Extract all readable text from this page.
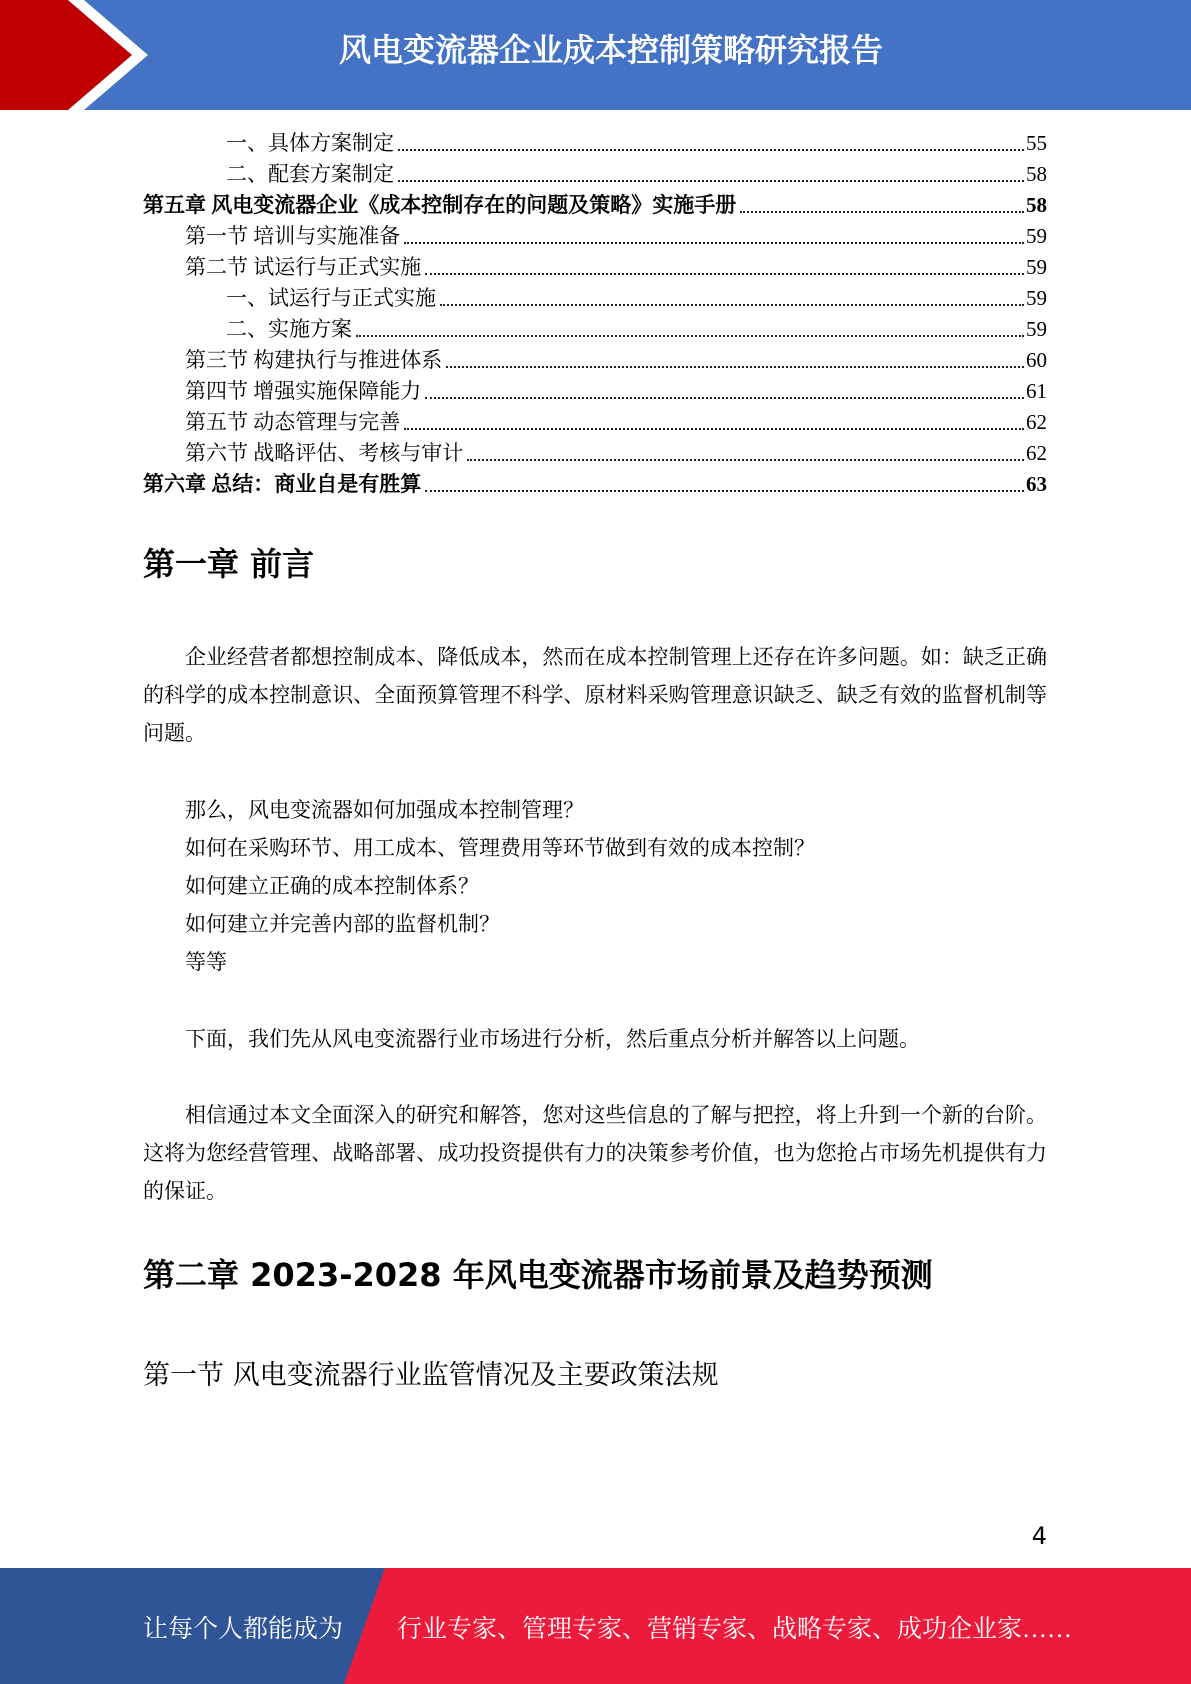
风电变流器企业成本控制策略研究报告
一、具体方案制定	55
二、配套方案制定	58
第五章 风电变流器企业《成本控制存在的问题及策略》实施手册	58
第一节 培训与实施准备	59
第二节 试运行与正式实施	59
一、试运行与正式实施	59
二、实施方案	59
第三节 构建执行与推进体系	60
第四节 增强实施保障能力	61
第五节 动态管理与完善	62
第六节 战略评估、考核与审计	62
第六章 总结：商业自是有胜算	63
第一章 前言

企业经营者都想控制成本、降低成本，然而在成本控制管理上还存在许多问题。如：缺乏正确的科学的成本控制意识、全面预算管理不科学、原材料采购管理意识缺乏、缺乏有效的监督机制等问题。

那么，风电变流器如何加强成本控制管理？

如何在采购环节、用工成本、管理费用等环节做到有效的成本控制？

如何建立正确的成本控制体系？

如何建立并完善内部的监督机制？

等等

下面，我们先从风电变流器行业市场进行分析，然后重点分析并解答以上问题。

相信通过本文全面深入的研究和解答，您对这些信息的了解与把控，将上升到一个新的台阶。这将为您经营管理、战略部署、成功投资提供有力的决策参考价值，也为您抢占市场先机提供有力的保证。

第二章 2023-2028 年风电变流器市场前景及趋势预测
第一节 风电变流器行业监管情况及主要政策法规
4
让每个人都能成为 行业专家、管理专家、营销专家、战略专家、成功企业家……
